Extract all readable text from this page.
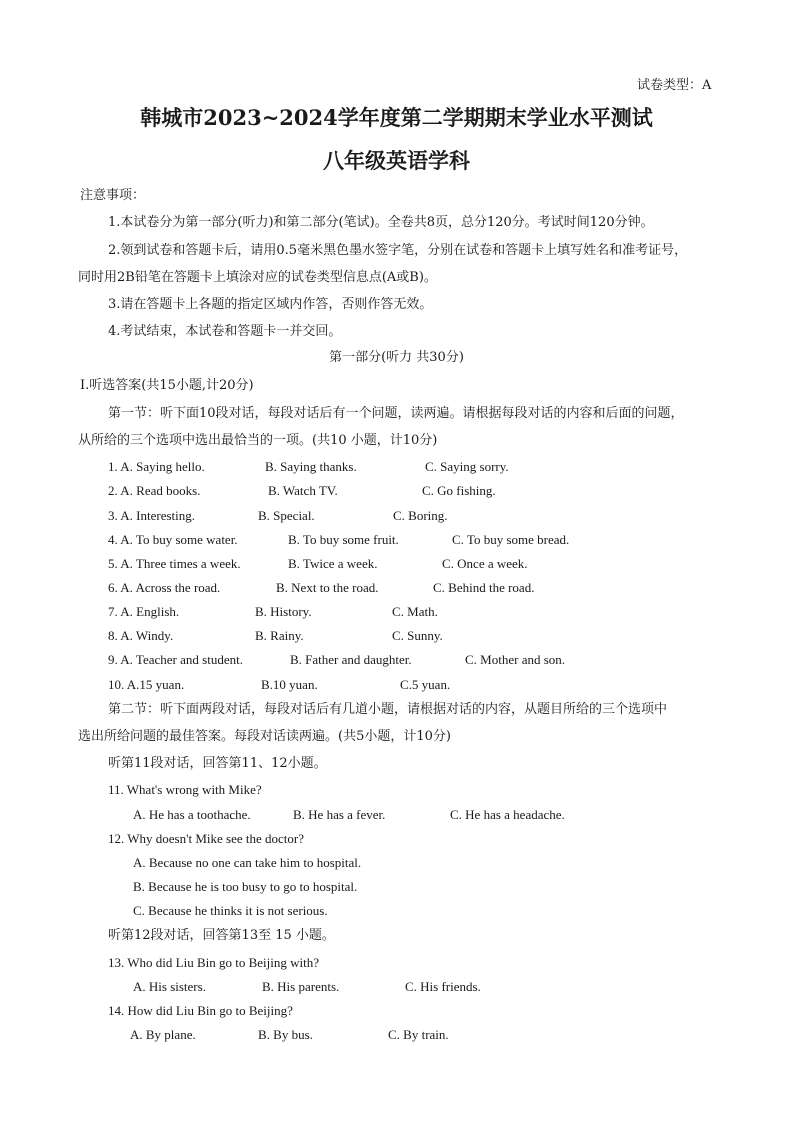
试卷类型：A
韩城市2023~2024学年度第二学期期末学业水平测试
八年级英语学科
注意事项：
1.本试卷分为第一部分(听力)和第二部分(笔试)。全卷共8页，总分120分。考试时间120分钟。
2.领到试卷和答题卡后，请用0.5毫米黑色墨水签字笔，分别在试卷和答题卡上填写姓名和准考证号，
同时用2B铅笔在答题卡上填涂对应的试卷类型信息点(A或B)。
3.请在答题卡上各题的指定区域内作答，否则作答无效。
4.考试结束，本试卷和答题卡一并交回。
第一部分(听力 共30分)
Ⅰ.听选答案(共15小题,计20分)
第一节：听下面10段对话，每段对话后有一个问题，读两遍。请根据每段对话的内容和后面的问题，
从所给的三个选项中选出最恰当的一项。(共10 小题，计10分)
1. A. Saying hello.	B. Saying thanks.	C. Saying sorry.
2. A. Read books.	B. Watch TV.	C. Go fishing.
3. A. Interesting.	B. Special.	C. Boring.
4. A. To buy some water.	B. To buy some fruit.	C. To buy some bread.
5. A. Three times a week.	B. Twice a week.	C. Once a week.
6. A. Across the road.	B. Next to the road.	C. Behind the road.
7. A. English.	B. History.	C. Math.
8. A. Windy.	B. Rainy.	C. Sunny.
9. A. Teacher and student.	B. Father and daughter.	C. Mother and son.
10. A.15 yuan.	B.10 yuan.	C.5 yuan.
第二节：听下面两段对话，每段对话后有几道小题，请根据对话的内容，从题目所给的三个选项中
选出所给问题的最佳答案。每段对话读两遍。(共5小题，计10分)
听第11段对话，回答第11、12小题。
11. What's wrong with Mike?
A. He has a toothache.	B. He has a fever.	C. He has a headache.
12. Why doesn't Mike see the doctor?
A. Because no one can take him to hospital.
B. Because he is too busy to go to hospital.
C. Because he thinks it is not serious.
听第12段对话，回答第13至 15 小题。
13. Who did Liu Bin go to Beijing with?
A. His sisters.	B. His parents.	C. His friends.
14. How did Liu Bin go to Beijing?
A. By plane.	B. By bus.	C. By train.
